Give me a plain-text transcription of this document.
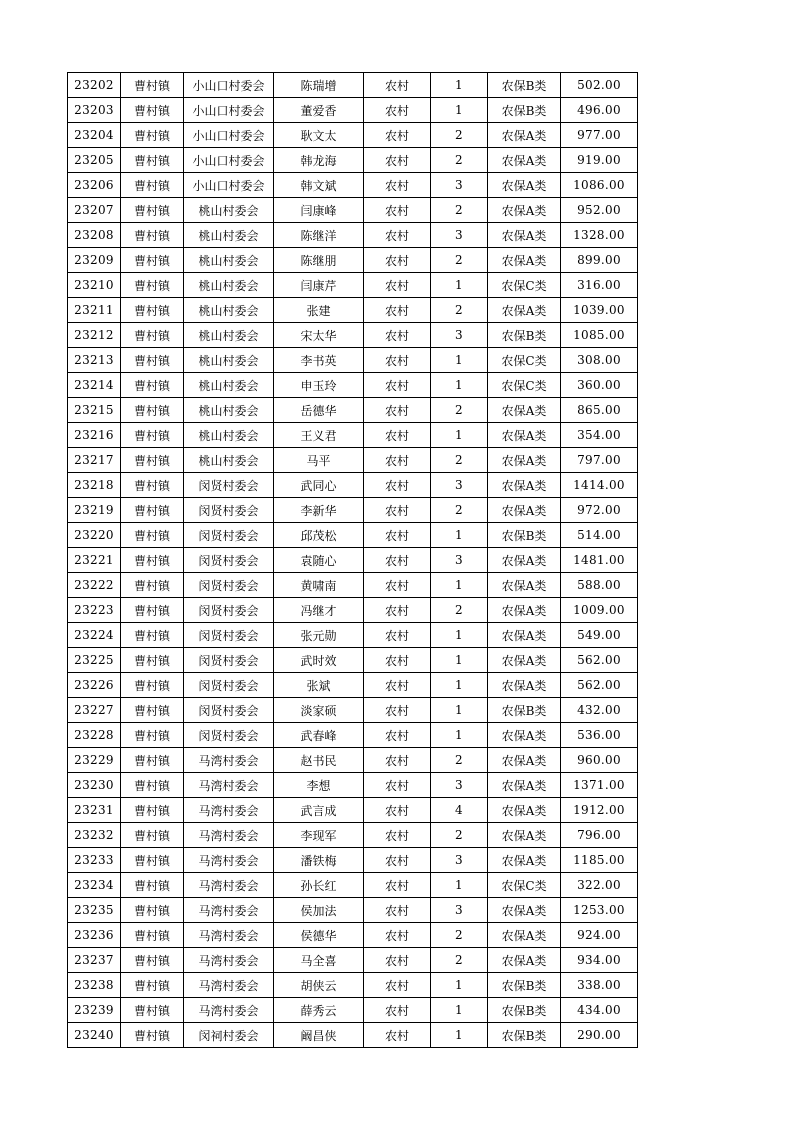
23202	曹村镇	小山口村委会	陈瑞增	农村	1	农保B类	502.00
23203	曹村镇	小山口村委会	董爱香	农村	1	农保B类	496.00
23204	曹村镇	小山口村委会	耿文太	农村	2	农保A类	977.00
23205	曹村镇	小山口村委会	韩龙海	农村	2	农保A类	919.00
23206	曹村镇	小山口村委会	韩文斌	农村	3	农保A类	1086.00
23207	曹村镇	桃山村委会	闫康峰	农村	2	农保A类	952.00
23208	曹村镇	桃山村委会	陈继洋	农村	3	农保A类	1328.00
23209	曹村镇	桃山村委会	陈继朋	农村	2	农保A类	899.00
23210	曹村镇	桃山村委会	闫康芹	农村	1	农保C类	316.00
23211	曹村镇	桃山村委会	张建	农村	2	农保A类	1039.00
23212	曹村镇	桃山村委会	宋太华	农村	3	农保B类	1085.00
23213	曹村镇	桃山村委会	李书英	农村	1	农保C类	308.00
23214	曹村镇	桃山村委会	申玉玲	农村	1	农保C类	360.00
23215	曹村镇	桃山村委会	岳德华	农村	2	农保A类	865.00
23216	曹村镇	桃山村委会	王义君	农村	1	农保A类	354.00
23217	曹村镇	桃山村委会	马平	农村	2	农保A类	797.00
23218	曹村镇	闵贤村委会	武同心	农村	3	农保A类	1414.00
23219	曹村镇	闵贤村委会	李新华	农村	2	农保A类	972.00
23220	曹村镇	闵贤村委会	邱茂松	农村	1	农保B类	514.00
23221	曹村镇	闵贤村委会	袁随心	农村	3	农保A类	1481.00
23222	曹村镇	闵贤村委会	黄啸南	农村	1	农保A类	588.00
23223	曹村镇	闵贤村委会	冯继才	农村	2	农保A类	1009.00
23224	曹村镇	闵贤村委会	张元勋	农村	1	农保A类	549.00
23225	曹村镇	闵贤村委会	武时效	农村	1	农保A类	562.00
23226	曹村镇	闵贤村委会	张斌	农村	1	农保A类	562.00
23227	曹村镇	闵贤村委会	淡家硕	农村	1	农保B类	432.00
23228	曹村镇	闵贤村委会	武春峰	农村	1	农保A类	536.00
23229	曹村镇	马湾村委会	赵书民	农村	2	农保A类	960.00
23230	曹村镇	马湾村委会	李想	农村	3	农保A类	1371.00
23231	曹村镇	马湾村委会	武言成	农村	4	农保A类	1912.00
23232	曹村镇	马湾村委会	李现军	农村	2	农保A类	796.00
23233	曹村镇	马湾村委会	潘铁梅	农村	3	农保A类	1185.00
23234	曹村镇	马湾村委会	孙长红	农村	1	农保C类	322.00
23235	曹村镇	马湾村委会	侯加法	农村	3	农保A类	1253.00
23236	曹村镇	马湾村委会	侯德华	农村	2	农保A类	924.00
23237	曹村镇	马湾村委会	马全喜	农村	2	农保A类	934.00
23238	曹村镇	马湾村委会	胡侠云	农村	1	农保B类	338.00
23239	曹村镇	马湾村委会	薛秀云	农村	1	农保B类	434.00
23240	曹村镇	闵祠村委会	阚昌侠	农村	1	农保B类	290.00
